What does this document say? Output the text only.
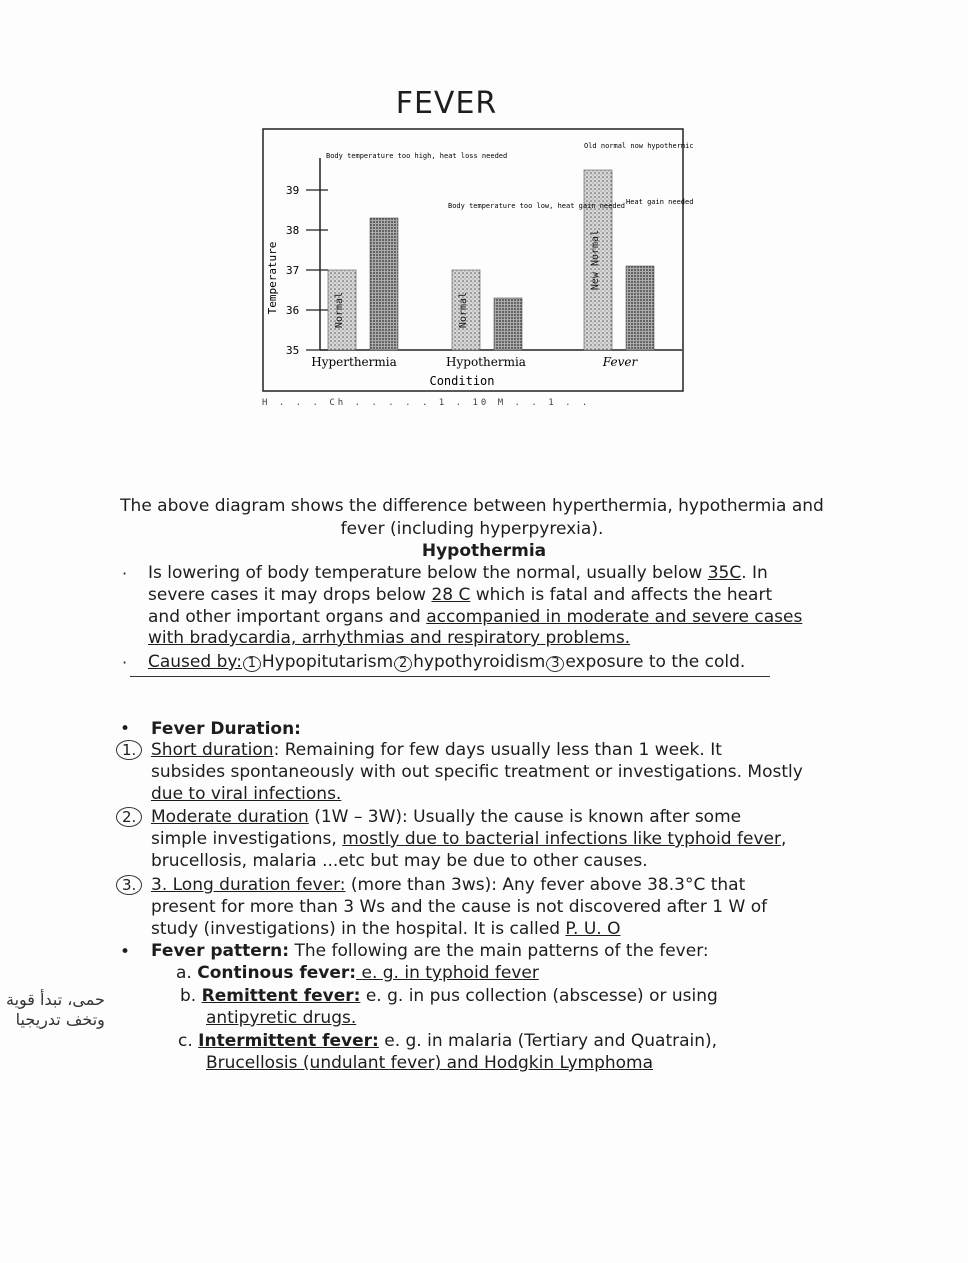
FEVER
35
36
37
38
39
Normal	Normal
New Normal
Hyperthermia	Hypothermia	Fever
Temperature
Condition
Body temperature too high, heat loss needed
Body temperature too low, heat gain needed
Old normal now hypothermic
Heat gain needed
H . . . Ch . . . . . 1 . 10 M . . 1 . .
The above diagram shows the difference between hyperthermia, hypothermia and
fever (including hyperpyrexia).
Hypothermia
· Is lowering of body temperature below the normal, usually below 35C. In
severe cases it may drops below 28 C which is fatal and affects the heart
and other important organs and accompanied in moderate and severe cases
with bradycardia, arrhythmias and respiratory problems.
· Caused by: 1 Hypopitutarism 2 hypothyroidism 3 exposure to the cold.
• Fever Duration:
1. Short duration: Remaining for few days usually less than 1 week. It
subsides spontaneously with out specific treatment or investigations. Mostly
due to viral infections.
2. Moderate duration (1W – 3W): Usually the cause is known after some
simple investigations, mostly due to bacterial infections like typhoid fever,
brucellosis, malaria ...etc but may be due to other causes.
3. 3. Long duration fever: (more than 3ws): Any fever above 38.3°C that
present for more than 3 Ws and the cause is not discovered after 1 W of
study (investigations) in the hospital. It is called P. U. O
• Fever pattern: The following are the main patterns of the fever:
a. Continous fever: e. g. in typhoid fever
b. Remittent fever: e. g. in pus collection (abscesse) or using
antipyretic drugs.
c. Intermittent fever: e. g. in malaria (Tertiary and Quatrain),
Brucellosis (undulant fever) and Hodgkin Lymphoma
حمى، تبدأ قوية
وتخف تدريجيا
